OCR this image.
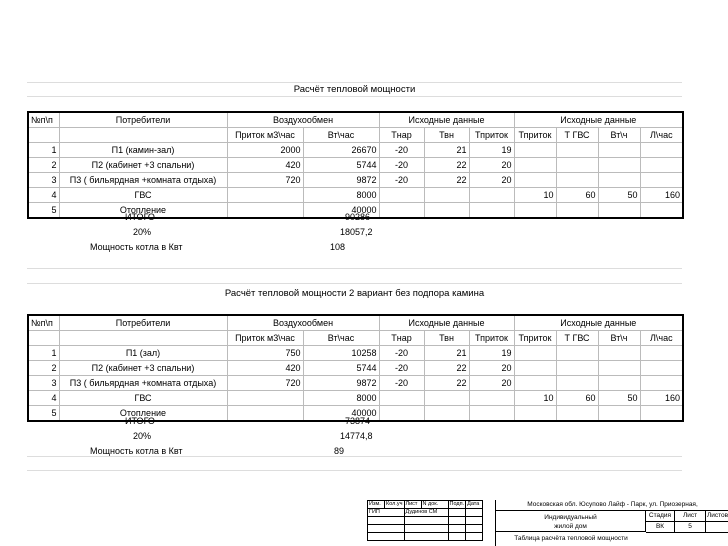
Расчёт тепловой мощности
№п\п	Потребители	Воздухообмен		Исходные данные			Исходные данные			
		Приток м3\час	Вт\час	Тнар	Твн	Тприток	Тприток	Т ГВС	Вт\ч	Л\час
1	П1 (камин-зал)	2000	26670	-20	21	19				
2	П2 (кабинет +3 спальни)	420	5744	-20	22	20				
3	П3 ( бильярдная +комната отдыха)	720	9872	-20	22	20				
4	ГВС		8000				10	60	50	160
5	Отопление		40000							
ИТОГО	90286
20%	18057,2
Мощность котла в Квт	108
Расчёт тепловой мощности 2 вариант без подпора камина
№п\п	Потребители	Воздухообмен		Исходные данные			Исходные данные			
		Приток м3\час	Вт\час	Тнар	Твн	Тприток	Тприток	Т ГВС	Вт\ч	Л\час
1	П1 (зал)	750	10258	-20	21	19				
2	П2 (кабинет +3 спальни)	420	5744	-20	22	20				
3	П3 ( бильярдная +комната отдыха)	720	9872	-20	22	20				
4	ГВС		8000				10	60	50	160
5	Отопление		40000							
ИТОГО	73874
20%	14774,8
Мощность котла в Квт	89
Изм.	Кол.уч	Лист	N док.	Подп.	Дата
ГИП		Дудинов СМ			

Московская обл. Юсупово Лайф - Парк, ул. Приозерная,
Индивидуальный
жилой дом
Стадия	Лист	Листов
ВК	5
Таблица расчёта тепловой мощности
